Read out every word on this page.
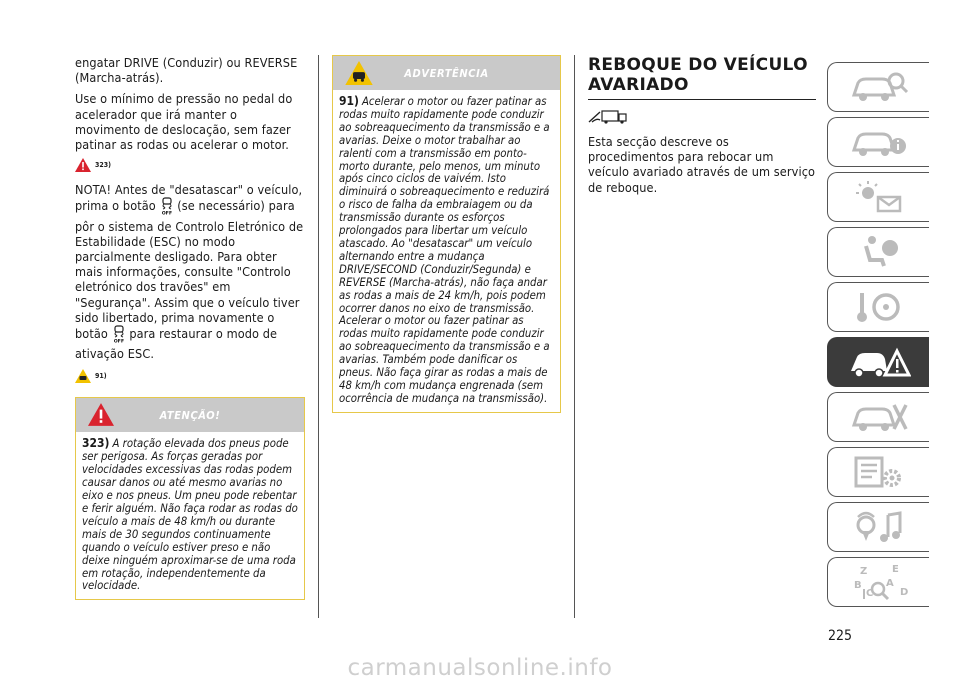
engatar DRIVE (Conduzir) ou REVERSE (Marcha-atrás).

Use o mínimo de pressão no pedal do acelerador que irá manter o movimento de deslocação, sem fazer patinar as rodas ou acelerar o motor.

323)

NOTA! Antes de "desatascar" o veículo, prima o botão
OFF
(se necessário) para pôr o sistema de Controlo Eletrónico de Estabilidade (ESC) no modo parcialmente desligado. Para obter mais informações, consulte "Controlo eletrónico dos travões" em "Segurança". Assim que o veículo tiver sido libertado, prima novamente o botão
OFF
para restaurar o modo de ativação ESC.

91)
ATENÇÃO!
323) A rotação elevada dos pneus pode ser perigosa. As forças geradas por velocidades excessivas das rodas podem causar danos ou até mesmo avarias no eixo e nos pneus. Um pneu pode rebentar e ferir alguém. Não faça rodar as rodas do veículo a mais de 48 km/h ou durante mais de 30 segundos continuamente quando o veículo estiver preso e não deixe ninguém aproximar-se de uma roda em rotação, independentemente da velocidade.
ADVERTÊNCIA
91) Acelerar o motor ou fazer patinar as rodas muito rapidamente pode conduzir ao sobreaquecimento da transmissão e a avarias. Deixe o motor trabalhar ao ralenti com a transmissão em ponto-morto durante, pelo menos, um minuto após cinco ciclos de vaivém. Isto diminuirá o sobreaquecimento e reduzirá o risco de falha da embraiagem ou da transmissão durante os esforços prolongados para libertar um veículo atascado. Ao "desatascar" um veículo alternando entre a mudança DRIVE/SECOND (Conduzir/Segunda) e REVERSE (Marcha-atrás), não faça andar as rodas a mais de 24 km/h, pois podem ocorrer danos no eixo de transmissão. Acelerar o motor ou fazer patinar as rodas muito rapidamente pode conduzir ao sobreaquecimento da transmissão e a avarias. Também pode danificar os pneus. Não faça girar as rodas a mais de 48 km/h com mudança engrenada (sem ocorrência de mudança na transmissão).
REBOQUE DO VEÍCULO AVARIADO

Esta secção descreve os procedimentos para rebocar um veículo avariado através de um serviço de reboque.

Z E
B A
C	D
225
carmanualsonline.info
